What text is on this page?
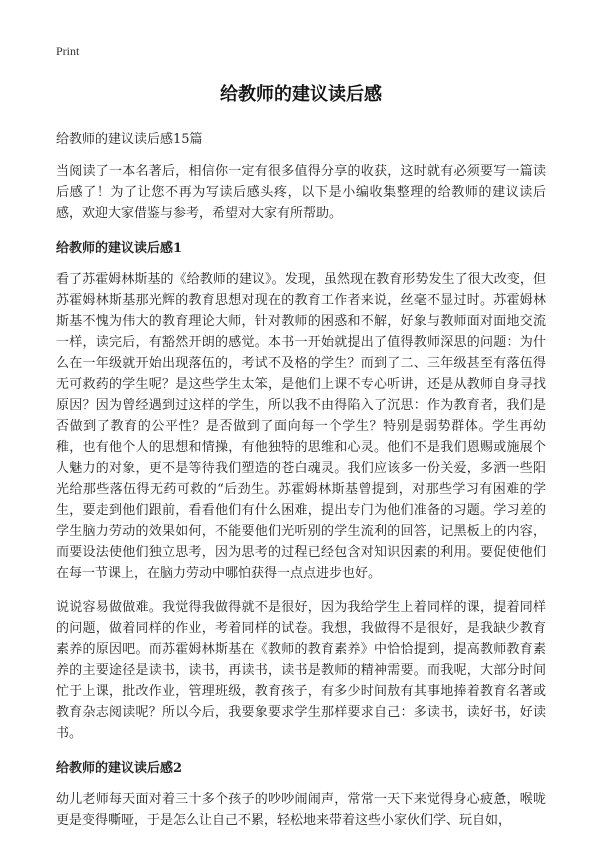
Print
给教师的建议读后感
给教师的建议读后感15篇

当阅读了一本名著后，相信你一定有很多值得分享的收获，这时就有必须要写一篇读后感了！为了让您不再为写读后感头疼，以下是小编收集整理的给教师的建议读后感，欢迎大家借鉴与参考，希望对大家有所帮助。

给教师的建议读后感1

看了苏霍姆林斯基的《给教师的建议》。发现，虽然现在教育形势发生了很大改变，但苏霍姆林斯基那光辉的教育思想对现在的教育工作者来说，丝毫不显过时。苏霍姆林斯基不愧为伟大的教育理论大师，针对教师的困惑和不解，好象与教师面对面地交流一样，读完后，有豁然开朗的感觉。本书一开始就提出了值得教师深思的问题：为什么在一年级就开始出现落伍的，考试不及格的学生？而到了二、三年级甚至有落伍得无可救药的学生呢？是这些学生太笨，是他们上课不专心听讲，还是从教师自身寻找原因？因为曾经遇到过这样的学生，所以我不由得陷入了沉思：作为教育者，我们是否做到了教育的公平性？是否做到了面向每一个学生？特别是弱势群体。学生再幼稚，也有他个人的思想和情操，有他独特的思维和心灵。他们不是我们恩赐或施展个人魅力的对象，更不是等待我们塑造的苍白魂灵。我们应该多一份关爱，多洒一些阳光给那些落伍得无药可救的“后劲生。苏霍姆林斯基曾提到，对那些学习有困难的学生，要走到他们跟前，看看他们有什么困难，提出专门为他们准备的习题。学习差的学生脑力劳动的效果如何，不能要他们光听别的学生流利的回答，记黑板上的内容，而要设法使他们独立思考，因为思考的过程已经包含对知识因素的利用。要促使他们在每一节课上，在脑力劳动中哪怕获得一点点进步也好。

说说容易做做难。我觉得我做得就不是很好，因为我给学生上着同样的课，提着同样的问题，做着同样的作业，考着同样的试卷。我想，我做得不是很好，是我缺少教育素养的原因吧。而苏霍姆林斯基在《教师的教育素养》中恰恰提到，提高教师教育素养的主要途径是读书，读书，再读书，读书是教师的精神需要。而我呢，大部分时间忙于上课，批改作业，管理班级，教育孩子，有多少时间敖有其事地捧着教育名著或教育杂志阅读呢？所以今后，我要象要求学生那样要求自己：多读书，读好书，好读书。

给教师的建议读后感2

幼儿老师每天面对着三十多个孩子的吵吵闹闹声，常常一天下来觉得身心疲惫，喉咙更是变得嘶哑，于是怎么让自己不累，轻松地来带着这些小家伙们学、玩自如，
